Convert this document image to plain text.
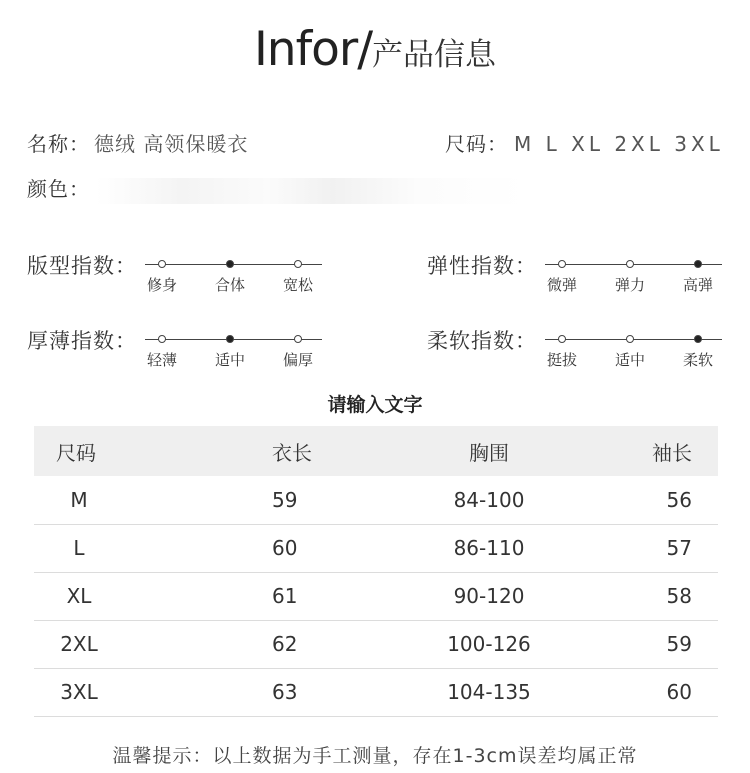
Infor/产品信息
名称： 德绒 高领保暖衣	尺码： M L XL 2XL 3XL
颜色：
版型指数：
修身	合体	宽松
弹性指数：
微弹	弹力	高弹
厚薄指数：
轻薄	适中	偏厚
柔软指数：
挺拔	适中	柔软
请输入文字
尺码	衣长	胸围	袖长
M	59	84-100	56
L	60	86-110	57
XL	61	90-120	58
2XL	62	100-126	59
3XL	63	104-135	60
温馨提示：以上数据为手工测量，存在1-3cm误差均属正常
